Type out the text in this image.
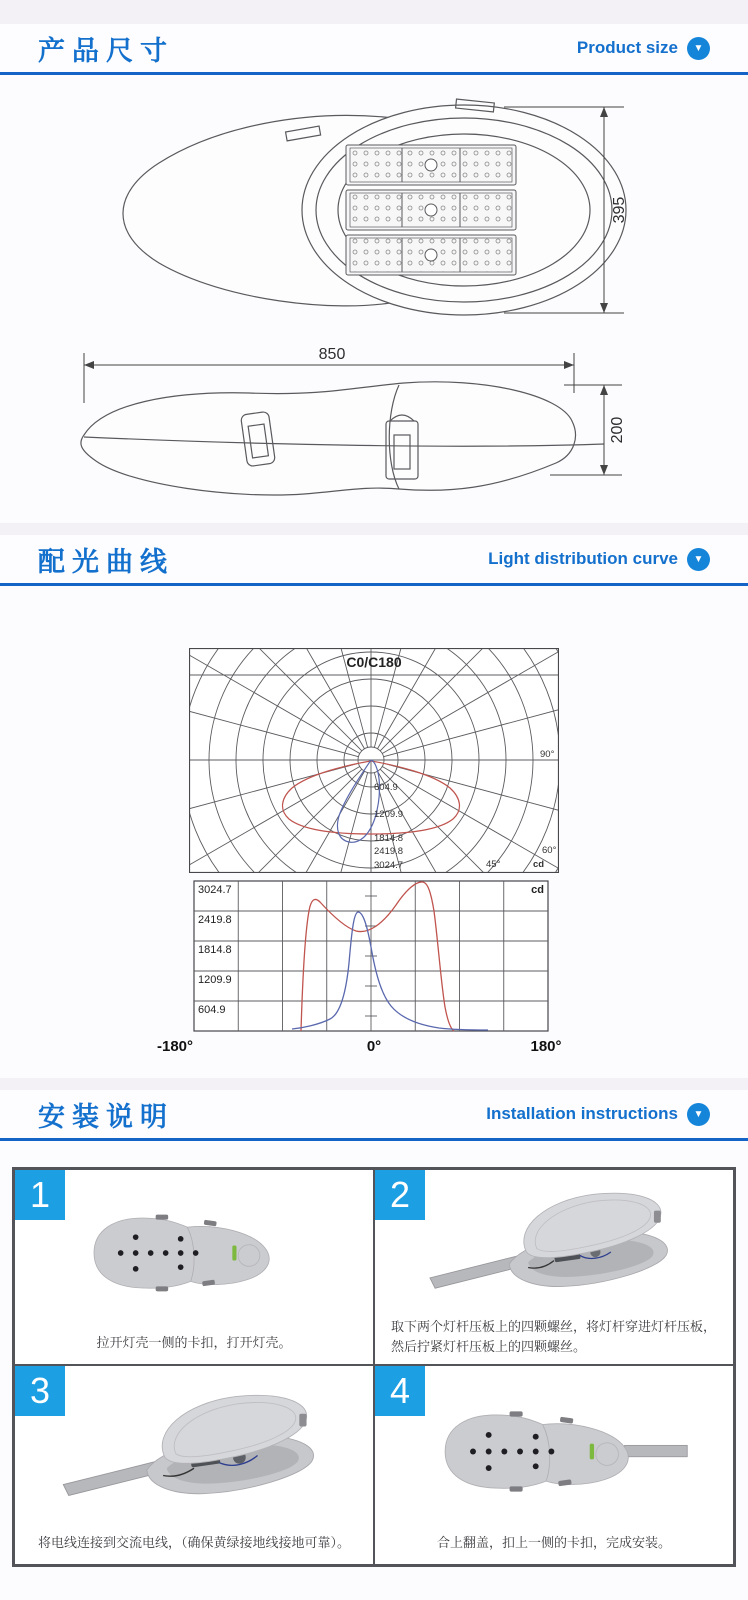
产品尺寸	Product size	▼
395
850
200
配光曲线	Light distribution curve	▼
C0/C180
604.9
1209.9
1814.8
2419.8
3024.7
90°
60°
45°	cd
3024.7
2419.8
1814.8
1209.9
604.9
cd
-180°	0°	180°
安装说明	Installation instructions	▼
1
拉开灯壳一侧的卡扣，打开灯壳。
2
取下两个灯杆压板上的四颗螺丝，将灯杆穿进灯杆压板，然后拧紧灯杆压板上的四颗螺丝。
3
将电线连接到交流电线，（确保黄绿接地线接地可靠）。
4
合上翻盖，扣上一侧的卡扣，完成安装。
